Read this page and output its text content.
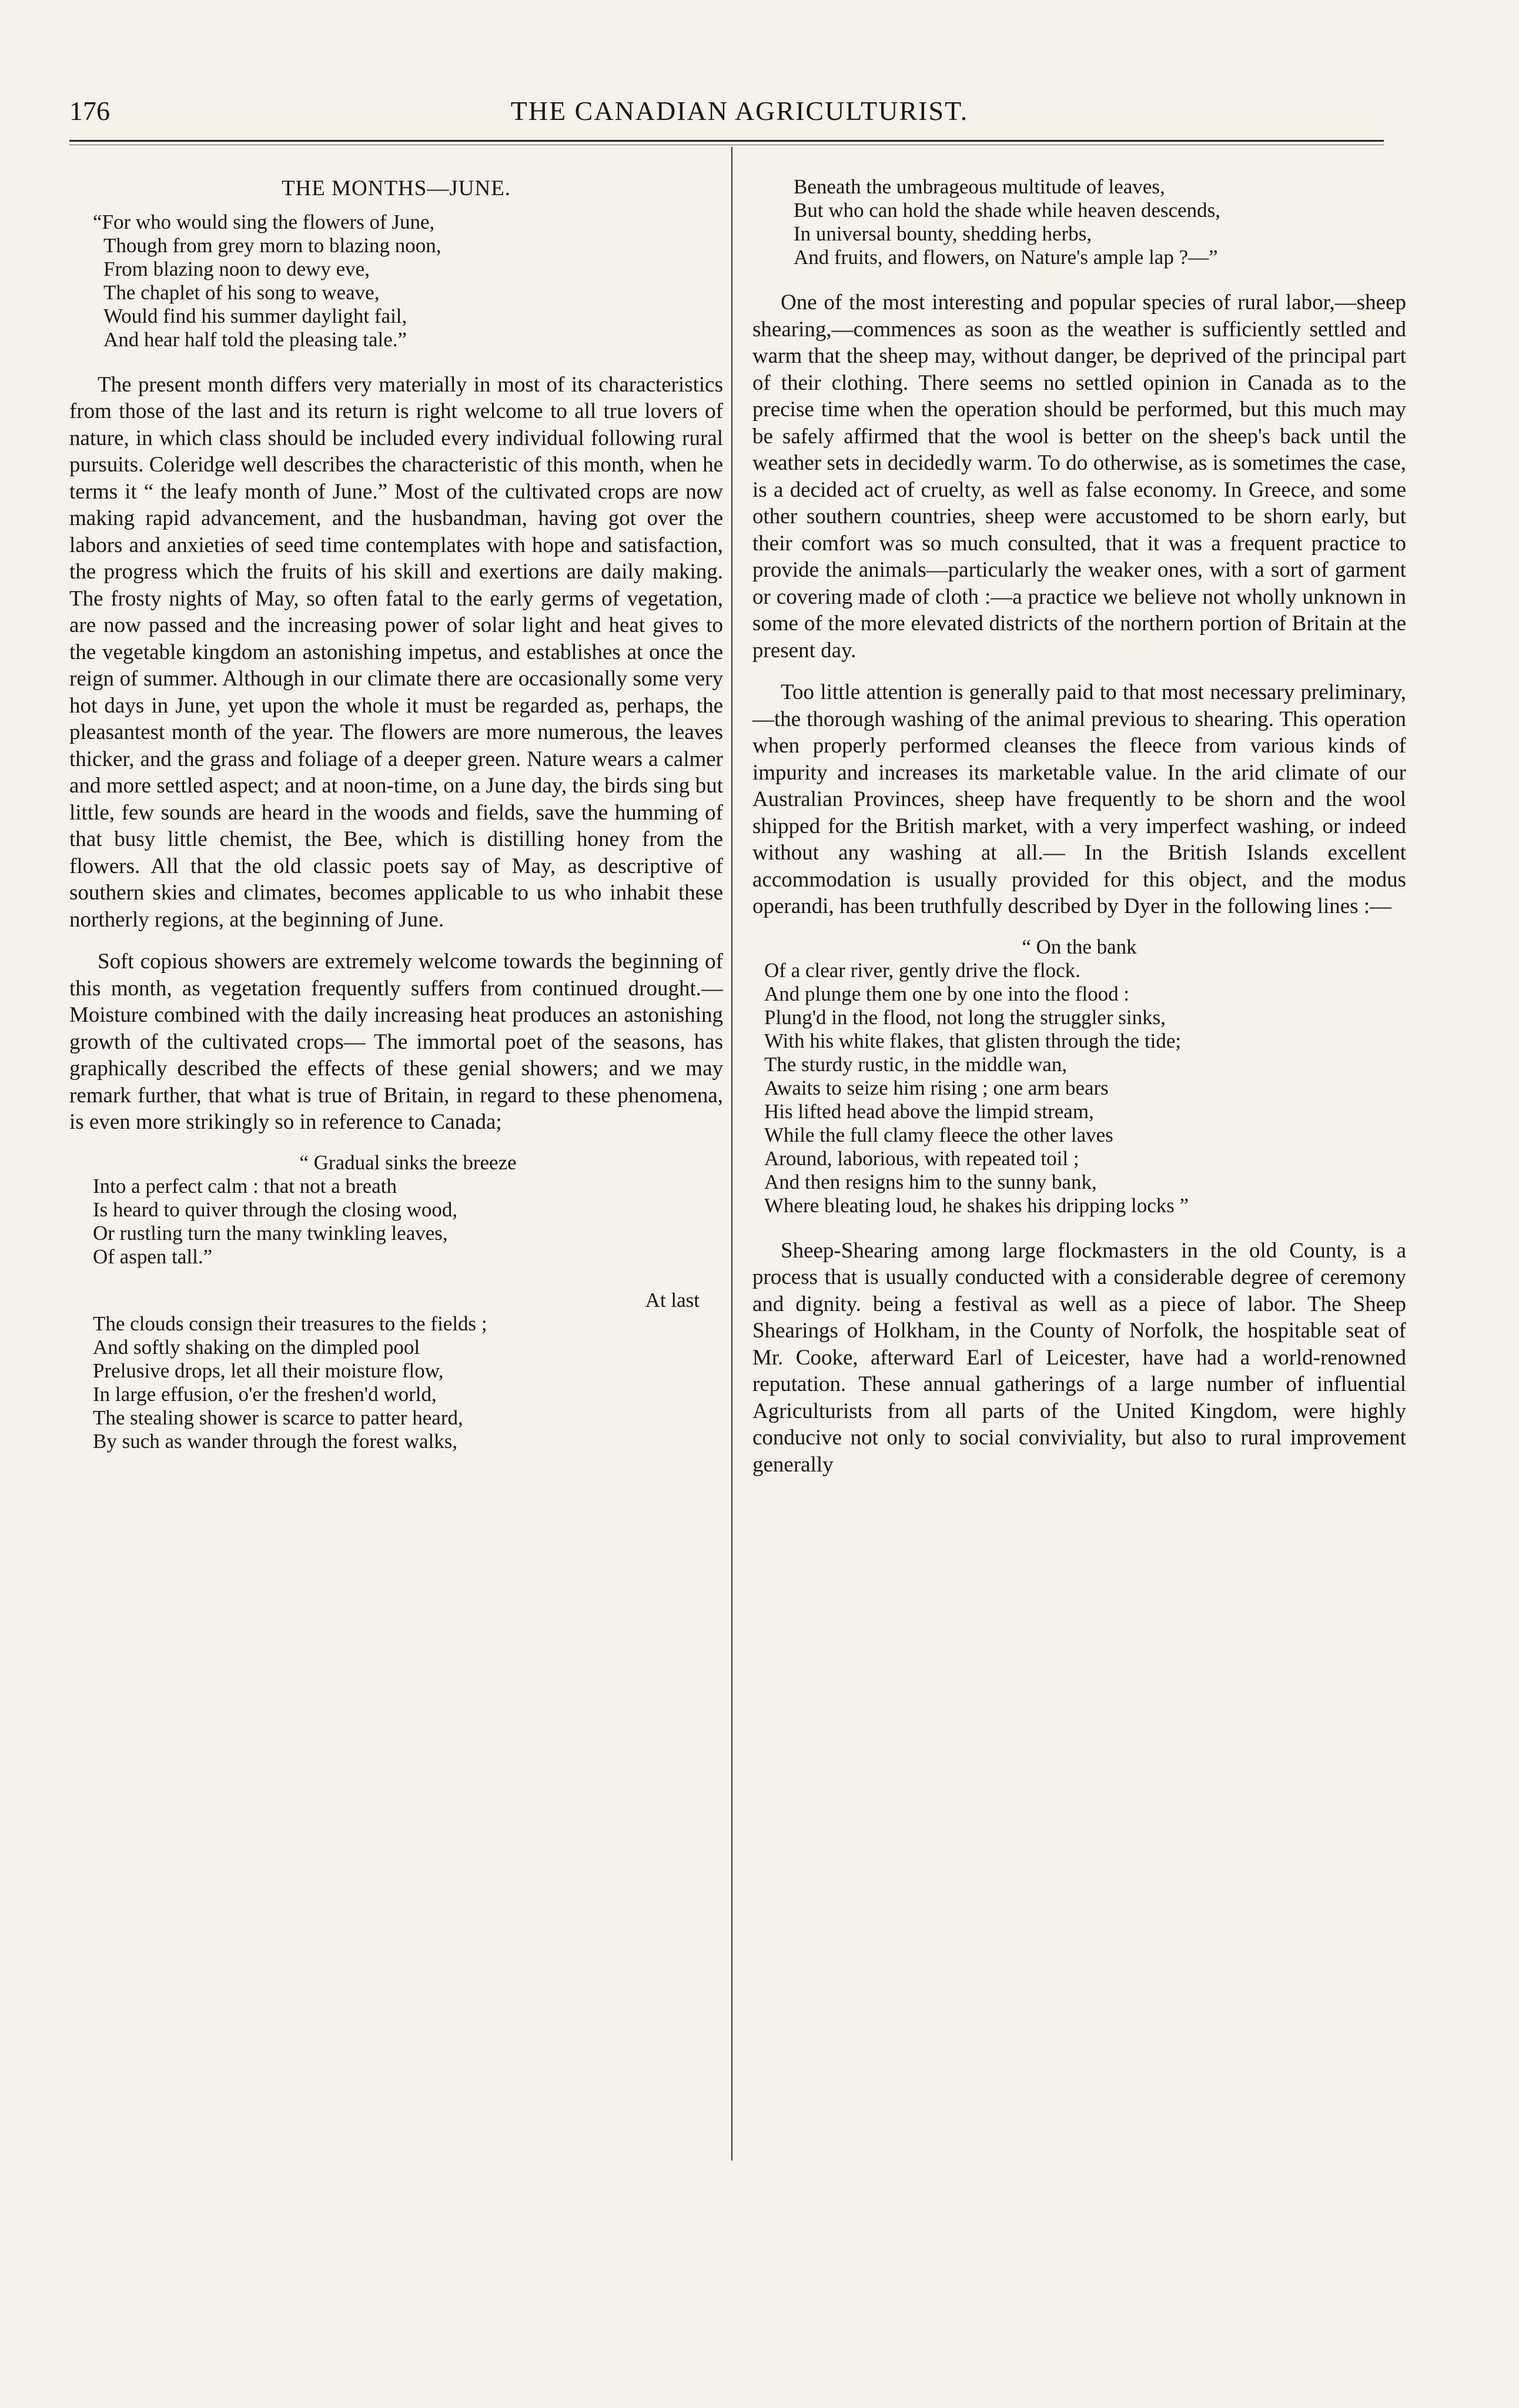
176	THE CANADIAN AGRICULTURIST.
THE MONTHS—JUNE.
“For who would sing the flowers of June,
Though from grey morn to blazing noon,
From blazing noon to dewy eve,
The chaplet of his song to weave,
Would find his summer daylight fail,
And hear half told the pleasing tale.”

The present month differs very materially in most of its characteristics from those of the last and its return is right welcome to all true lovers of nature, in which class should be included every individual following rural pursuits. Coleridge well describes the characteristic of this month, when he terms it “ the leafy month of June.” Most of the cultivated crops are now making rapid advancement, and the husbandman, having got over the labors and anxieties of seed time contemplates with hope and satisfaction, the progress which the fruits of his skill and exertions are daily making. The frosty nights of May, so often fatal to the early germs of vegetation, are now passed and the increasing power of solar light and heat gives to the vegetable kingdom an astonishing impetus, and establishes at once the reign of summer. Although in our climate there are occasionally some very hot days in June, yet upon the whole it must be regarded as, perhaps, the pleasantest month of the year. The flowers are more numerous, the leaves thicker, and the grass and foliage of a deeper green. Nature wears a calmer and more settled aspect; and at noon-time, on a June day, the birds sing but little, few sounds are heard in the woods and fields, save the humming of that busy little chemist, the Bee, which is distilling honey from the flowers. All that the old classic poets say of May, as descriptive of southern skies and climates, becomes applicable to us who inhabit these northerly regions, at the beginning of June.

Soft copious showers are extremely welcome towards the beginning of this month, as vegetation frequently suffers from continued drought.—Moisture combined with the daily increasing heat produces an astonishing growth of the cultivated crops— The immortal poet of the seasons, has graphically described the effects of these genial showers; and we may remark further, that what is true of Britain, in regard to these phenomena, is even more strikingly so in reference to Canada;

“ Gradual sinks the breeze
Into a perfect calm : that not a breath
Is heard to quiver through the closing wood,
Or rustling turn the many twinkling leaves,
Of aspen tall.”
At last
The clouds consign their treasures to the fields ;
And softly shaking on the dimpled pool
Prelusive drops, let all their moisture flow,
In large effusion, o'er the freshen'd world,
The stealing shower is scarce to patter heard,
By such as wander through the forest walks,
Beneath the umbrageous multitude of leaves,
But who can hold the shade while heaven descends,
In universal bounty, shedding herbs,
And fruits, and flowers, on Nature's ample lap ?—”

One of the most interesting and popular species of rural labor,—sheep shearing,—commences as soon as the weather is sufficiently settled and warm that the sheep may, without danger, be deprived of the principal part of their clothing. There seems no settled opinion in Canada as to the precise time when the operation should be performed, but this much may be safely affirmed that the wool is better on the sheep's back until the weather sets in decidedly warm. To do otherwise, as is sometimes the case, is a decided act of cruelty, as well as false economy. In Greece, and some other southern countries, sheep were accustomed to be shorn early, but their comfort was so much consulted, that it was a frequent practice to provide the animals—particularly the weaker ones, with a sort of garment or covering made of cloth :—a practice we believe not wholly unknown in some of the more elevated districts of the northern portion of Britain at the present day.

Too little attention is generally paid to that most necessary preliminary,—the thorough washing of the animal previous to shearing. This operation when properly performed cleanses the fleece from various kinds of impurity and increases its marketable value. In the arid climate of our Australian Provinces, sheep have frequently to be shorn and the wool shipped for the British market, with a very imperfect washing, or indeed without any washing at all.— In the British Islands excellent accommodation is usually provided for this object, and the modus operandi, has been truthfully described by Dyer in the following lines :—

“ On the bank
Of a clear river, gently drive the flock.
And plunge them one by one into the flood :
Plung'd in the flood, not long the struggler sinks,
With his white flakes, that glisten through the tide;
The sturdy rustic, in the middle wan,
Awaits to seize him rising ; one arm bears
His lifted head above the limpid stream,
While the full clamy fleece the other laves
Around, laborious, with repeated toil ;
And then resigns him to the sunny bank,
Where bleating loud, he shakes his dripping locks ”

Sheep-Shearing among large flockmasters in the old County, is a process that is usually conducted with a considerable degree of ceremony and dignity. being a festival as well as a piece of labor. The Sheep Shearings of Holkham, in the County of Norfolk, the hospitable seat of Mr. Cooke, afterward Earl of Leicester, have had a world-renowned reputation. These annual gatherings of a large number of influential Agriculturists from all parts of the United Kingdom, were highly conducive not only to social conviviality, but also to rural improvement generally
